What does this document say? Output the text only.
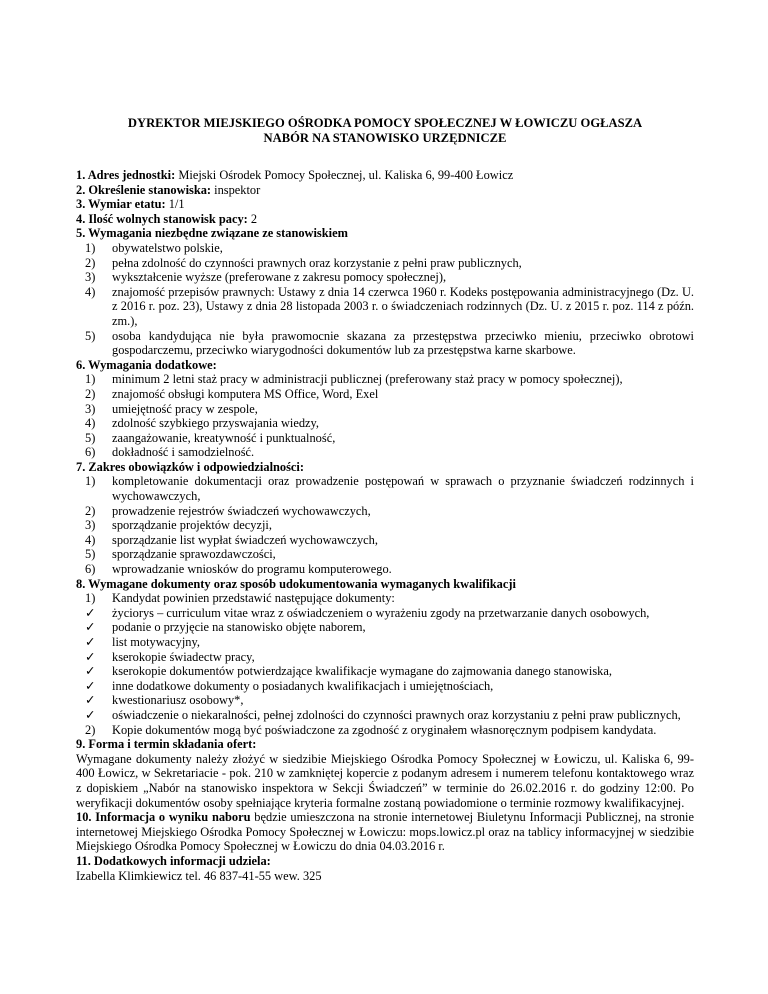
DYREKTOR MIEJSKIEGO OŚRODKA POMOCY SPOŁECZNEJ W ŁOWICZU OGŁASZA
NABÓR NA STANOWISKO URZĘDNICZE

1. Adres jednostki: Miejski Ośrodek Pomocy Społecznej, ul. Kaliska 6, 99-400 Łowicz

2. Określenie stanowiska: inspektor

3. Wymiar etatu: 1/1

4. Ilość wolnych stanowisk pacy: 2

5. Wymagania niezbędne związane ze stanowiskiem

1)	obywatelstwo polskie,
2)	pełna zdolność do czynności prawnych oraz korzystanie z pełni praw publicznych,
3)	wykształcenie wyższe (preferowane z zakresu pomocy społecznej),
4)	znajomość przepisów prawnych: Ustawy z dnia 14 czerwca 1960 r. Kodeks postępowania administracyjnego (Dz. U. z 2016 r. poz. 23), Ustawy z dnia 28 listopada 2003 r. o świadczeniach rodzinnych (Dz. U. z 2015 r. poz. 114 z późn. zm.),
5)	osoba kandydująca nie była prawomocnie skazana za przestępstwa przeciwko mieniu, przeciwko obrotowi gospodarczemu, przeciwko wiarygodności dokumentów lub za przestępstwa karne skarbowe.

6. Wymagania dodatkowe:

1)	minimum 2 letni staż pracy w administracji publicznej (preferowany staż pracy w pomocy społecznej),
2)	znajomość obsługi komputera MS Office, Word, Exel
3)	umiejętność pracy w zespole,
4)	zdolność szybkiego przyswajania wiedzy,
5)	zaangażowanie, kreatywność i punktualność,
6)	dokładność i samodzielność.

7. Zakres obowiązków i odpowiedzialności:

1)	kompletowanie dokumentacji oraz prowadzenie postępowań w sprawach o przyznanie świadczeń rodzinnych i wychowawczych,
2)	prowadzenie rejestrów świadczeń wychowawczych,
3)	sporządzanie projektów decyzji,
4)	sporządzanie list wypłat świadczeń wychowawczych,
5)	sporządzanie sprawozdawczości,
6)	wprowadzanie wniosków do programu komputerowego.

8. Wymagane dokumenty oraz sposób udokumentowania wymaganych kwalifikacji

1)	Kandydat powinien przedstawić następujące dokumenty:
✓	życiorys – curriculum vitae wraz z oświadczeniem o wyrażeniu zgody na przetwarzanie danych osobowych,
✓	podanie o przyjęcie na stanowisko objęte naborem,
✓	list motywacyjny,
✓	kserokopie świadectw pracy,
✓	kserokopie dokumentów potwierdzające kwalifikacje wymagane do zajmowania danego stanowiska,
✓	inne dodatkowe dokumenty o posiadanych kwalifikacjach i umiejętnościach,
✓	kwestionariusz osobowy*,
✓	oświadczenie o niekaralności, pełnej zdolności do czynności prawnych oraz korzystaniu z pełni praw publicznych,
2)	Kopie dokumentów mogą być poświadczone za zgodność z oryginałem własnoręcznym podpisem kandydata.

9. Forma i termin składania ofert:

Wymagane dokumenty należy złożyć w siedzibie Miejskiego Ośrodka Pomocy Społecznej w Łowiczu, ul. Kaliska 6, 99-400 Łowicz, w Sekretariacie - pok. 210 w zamkniętej kopercie z podanym adresem i numerem telefonu kontaktowego wraz z dopiskiem „Nabór na stanowisko inspektora w Sekcji Świadczeń” w terminie do 26.02.2016 r. do godziny 12:00. Po weryfikacji dokumentów osoby spełniające kryteria formalne zostaną powiadomione o terminie rozmowy kwalifikacyjnej.

10. Informacja o wyniku naboru będzie umieszczona na stronie internetowej Biuletynu Informacji Publicznej, na stronie internetowej Miejskiego Ośrodka Pomocy Społecznej w Łowiczu: mops.lowicz.pl oraz na tablicy informacyjnej w siedzibie Miejskiego Ośrodka Pomocy Społecznej w Łowiczu do dnia 04.03.2016 r.

11. Dodatkowych informacji udziela:

Izabella Klimkiewicz tel. 46 837-41-55 wew. 325
